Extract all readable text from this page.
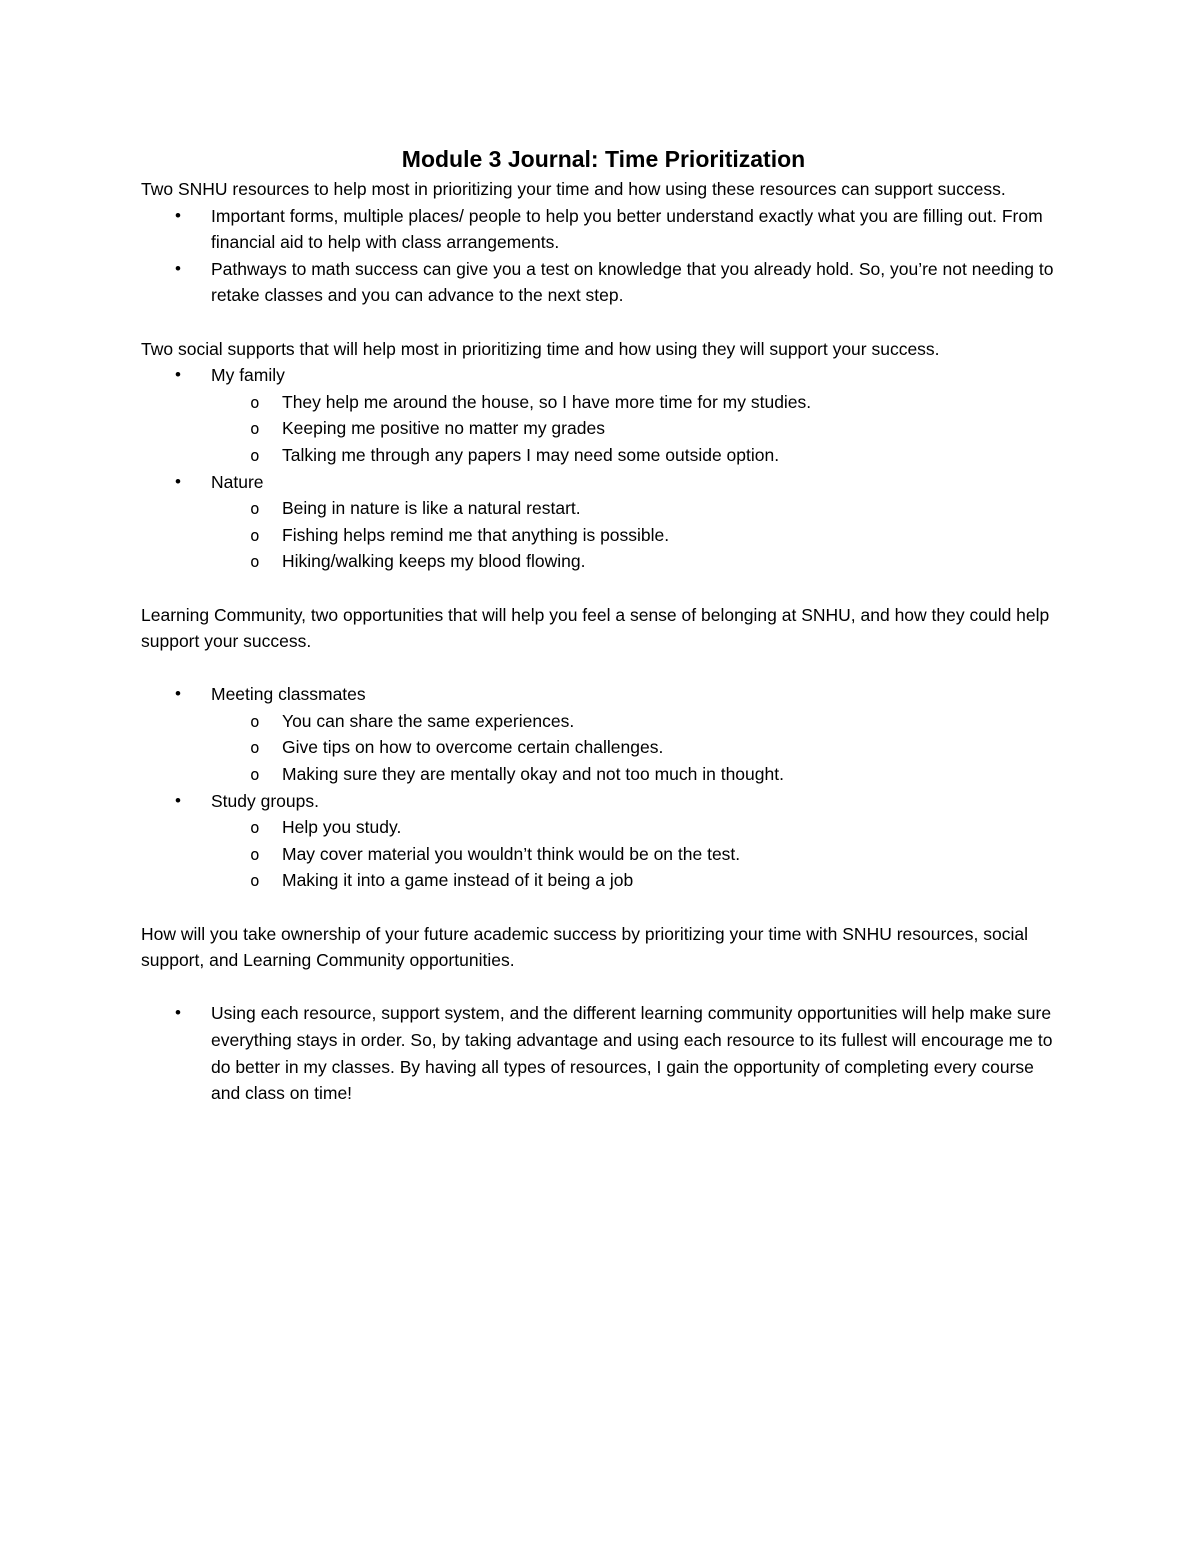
Module 3 Journal: Time Prioritization

Two SNHU resources to help most in prioritizing your time and how using these resources can support success.

• Important forms, multiple places/ people to help you better understand exactly what you are filling out. From financial aid to help with class arrangements.
• Pathways to math success can give you a test on knowledge that you already hold. So, you’re not needing to retake classes and you can advance to the next step.

Two social supports that will help most in prioritizing time and how using they will support your success.

• My family
o They help me around the house, so I have more time for my studies.
o Keeping me positive no matter my grades
o Talking me through any papers I may need some outside option.
• Nature
o Being in nature is like a natural restart.
o Fishing helps remind me that anything is possible.
o Hiking/walking keeps my blood flowing.

Learning Community, two opportunities that will help you feel a sense of belonging at SNHU, and how they could help support your success.

• Meeting classmates
o You can share the same experiences.
o Give tips on how to overcome certain challenges.
o Making sure they are mentally okay and not too much in thought.
• Study groups.
o Help you study.
o May cover material you wouldn’t think would be on the test.
o Making it into a game instead of it being a job

How will you take ownership of your future academic success by prioritizing your time with SNHU resources, social support, and Learning Community opportunities.

• Using each resource, support system, and the different learning community opportunities will help make sure everything stays in order. So, by taking advantage and using each resource to its fullest will encourage me to do better in my classes. By having all types of resources, I gain the opportunity of completing every course and class on time!
